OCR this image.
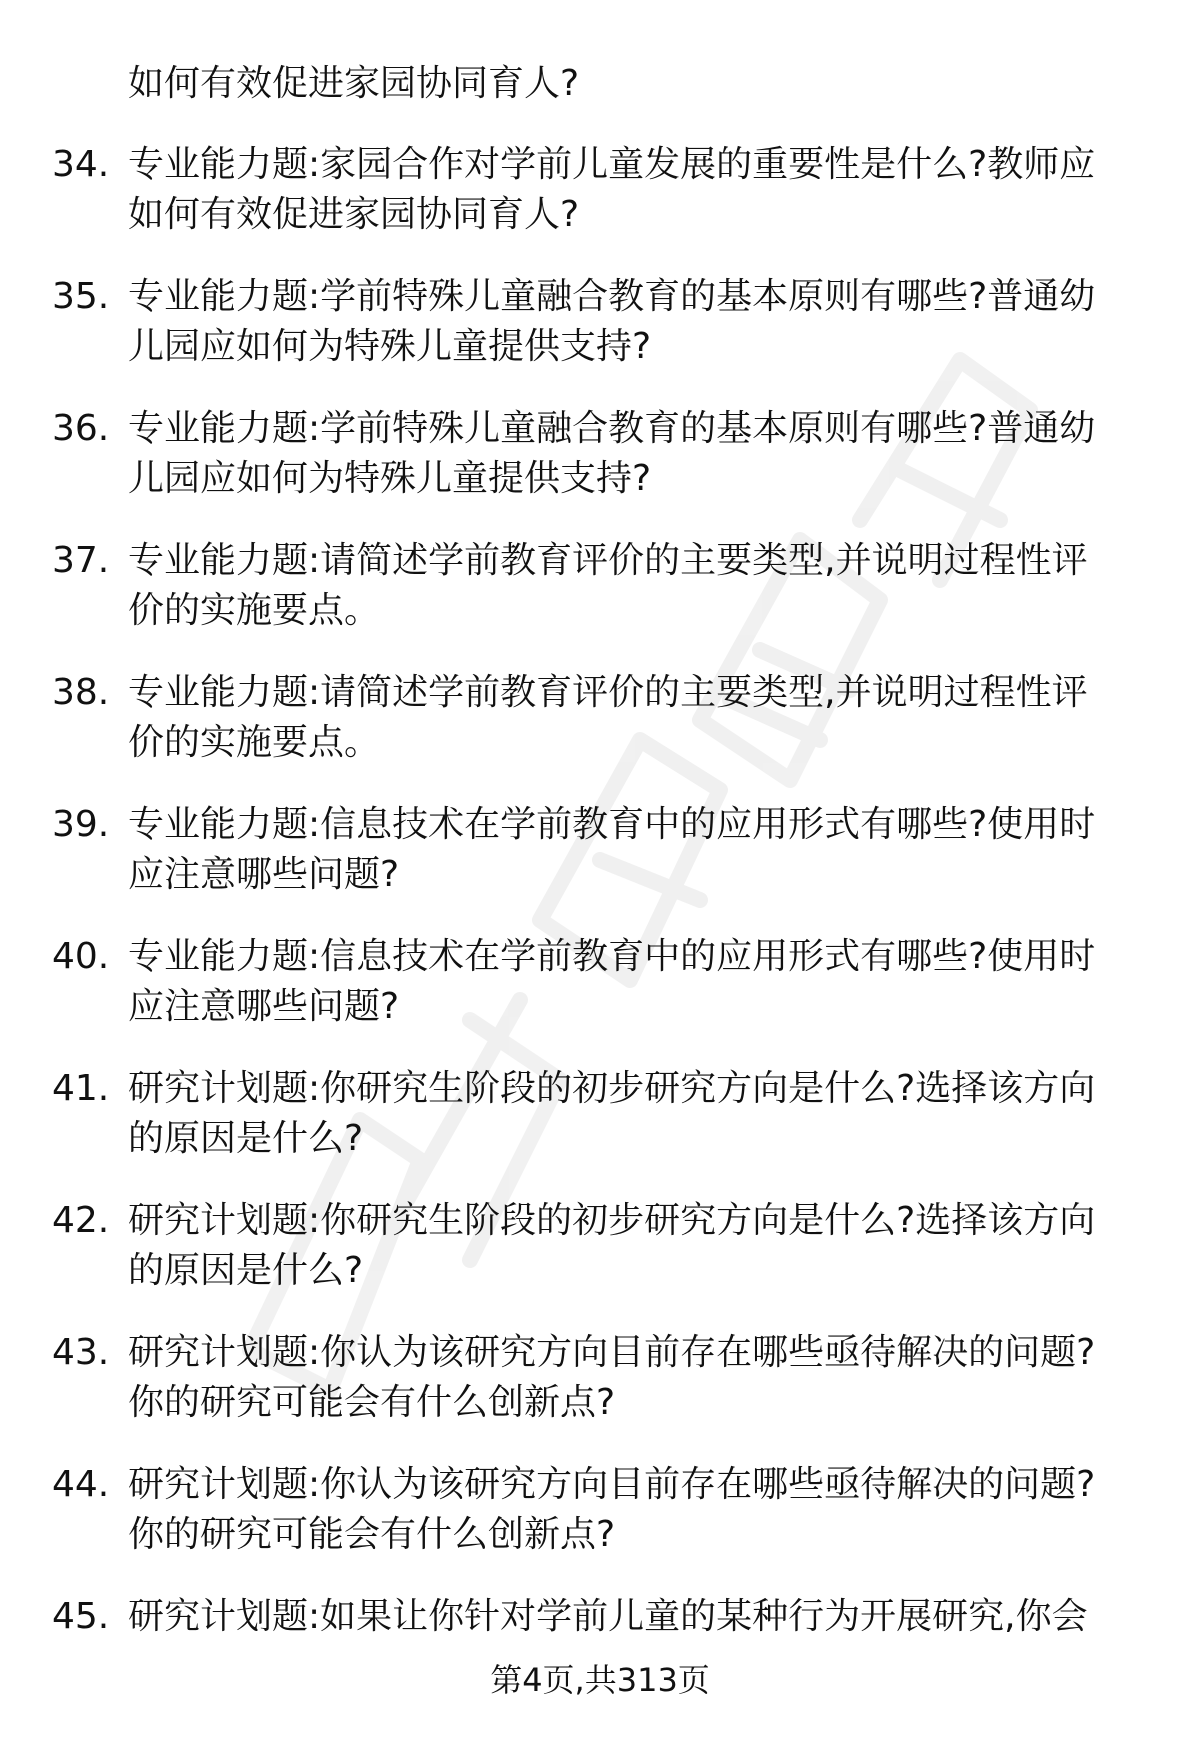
如何有效促进家园协同育人?
34. 专业能力题:家园合作对学前儿童发展的重要性是什么?教师应
如何有效促进家园协同育人?
35. 专业能力题:学前特殊儿童融合教育的基本原则有哪些?普通幼
儿园应如何为特殊儿童提供支持?
36. 专业能力题:学前特殊儿童融合教育的基本原则有哪些?普通幼
儿园应如何为特殊儿童提供支持?
37. 专业能力题:请简述学前教育评价的主要类型,并说明过程性评
价的实施要点。
38. 专业能力题:请简述学前教育评价的主要类型,并说明过程性评
价的实施要点。
39. 专业能力题:信息技术在学前教育中的应用形式有哪些?使用时
应注意哪些问题?
40. 专业能力题:信息技术在学前教育中的应用形式有哪些?使用时
应注意哪些问题?
41. 研究计划题:你研究生阶段的初步研究方向是什么?选择该方向
的原因是什么?
42. 研究计划题:你研究生阶段的初步研究方向是什么?选择该方向
的原因是什么?
43. 研究计划题:你认为该研究方向目前存在哪些亟待解决的问题?
你的研究可能会有什么创新点?
44. 研究计划题:你认为该研究方向目前存在哪些亟待解决的问题?
你的研究可能会有什么创新点?
45. 研究计划题:如果让你针对学前儿童的某种行为开展研究,你会
第4页,共313页
